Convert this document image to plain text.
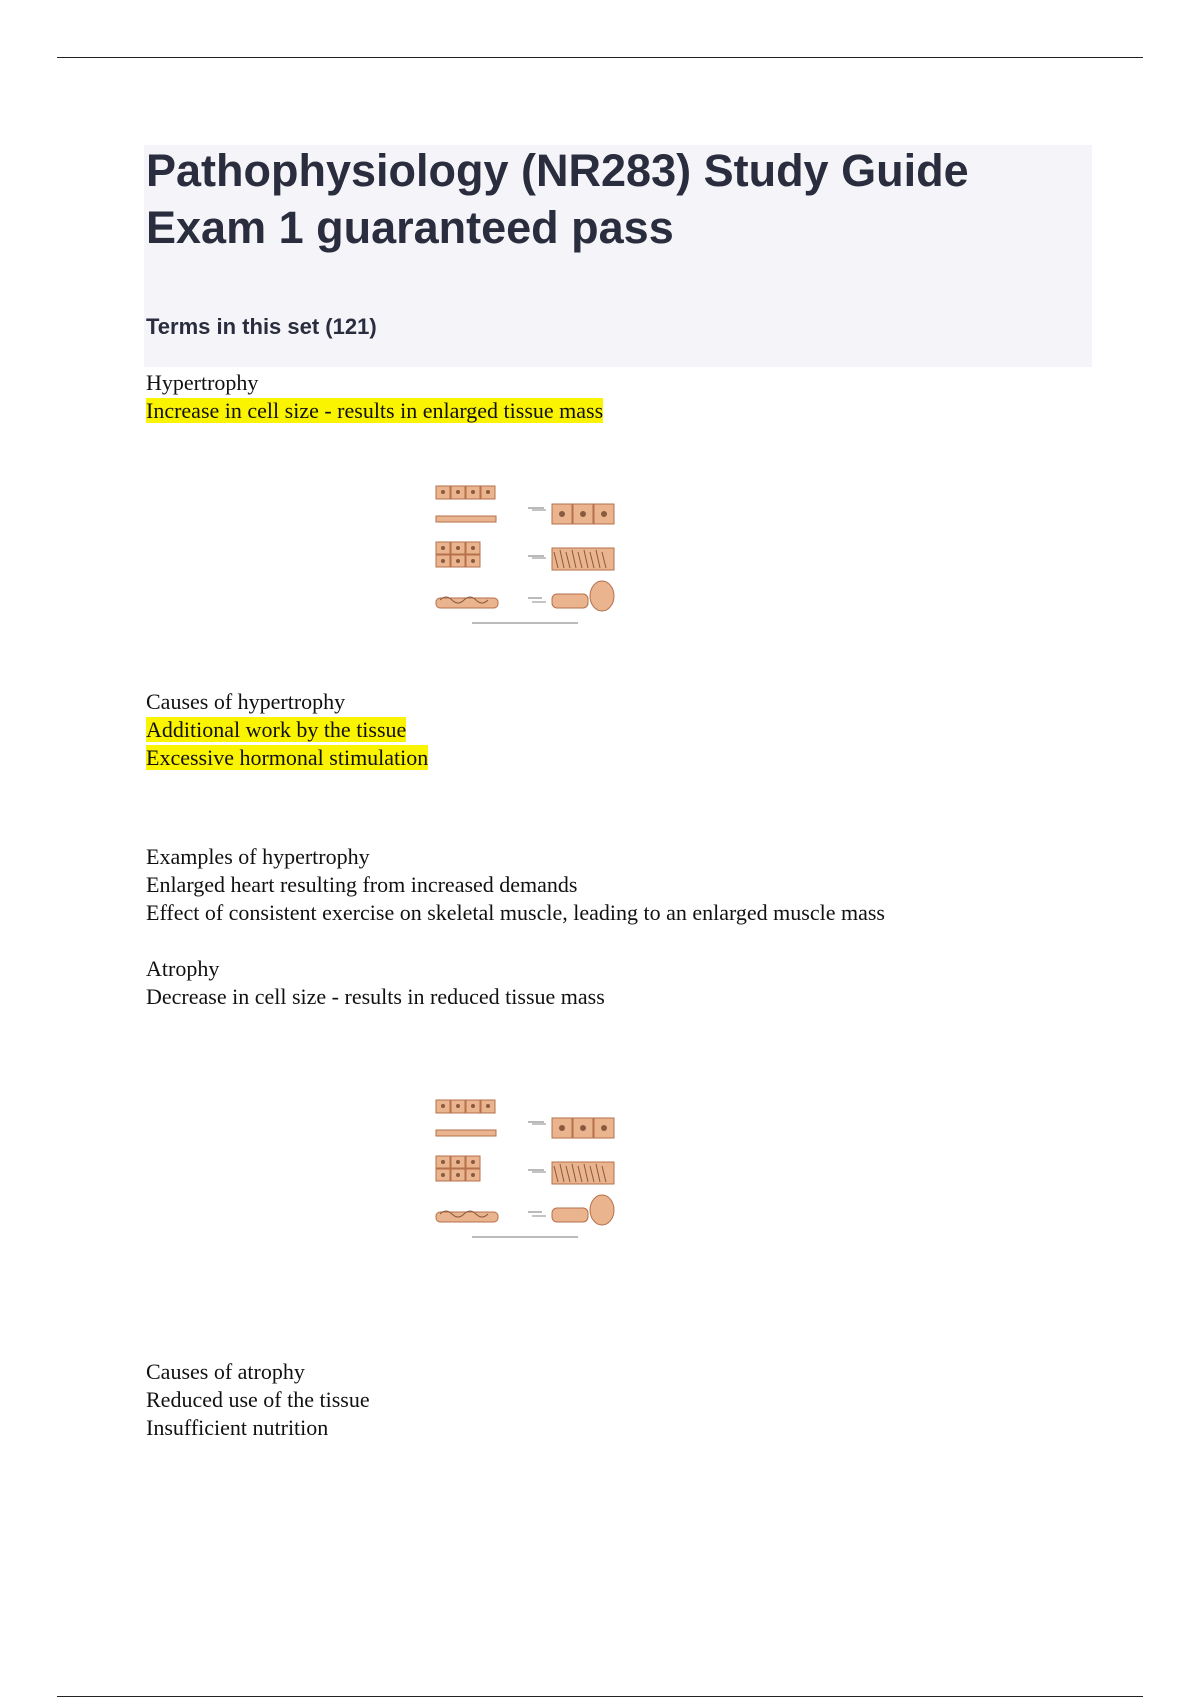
Pathophysiology (NR283) Study Guide Exam 1 guaranteed pass
Terms in this set (121)
Hypertrophy
Increase in cell size - results in enlarged tissue mass
Causes of hypertrophy
Additional work by the tissue
Excessive hormonal stimulation
Examples of hypertrophy
Enlarged heart resulting from increased demands
Effect of consistent exercise on skeletal muscle, leading to an enlarged muscle mass
Atrophy
Decrease in cell size - results in reduced tissue mass
Causes of atrophy
Reduced use of the tissue
Insufficient nutrition
